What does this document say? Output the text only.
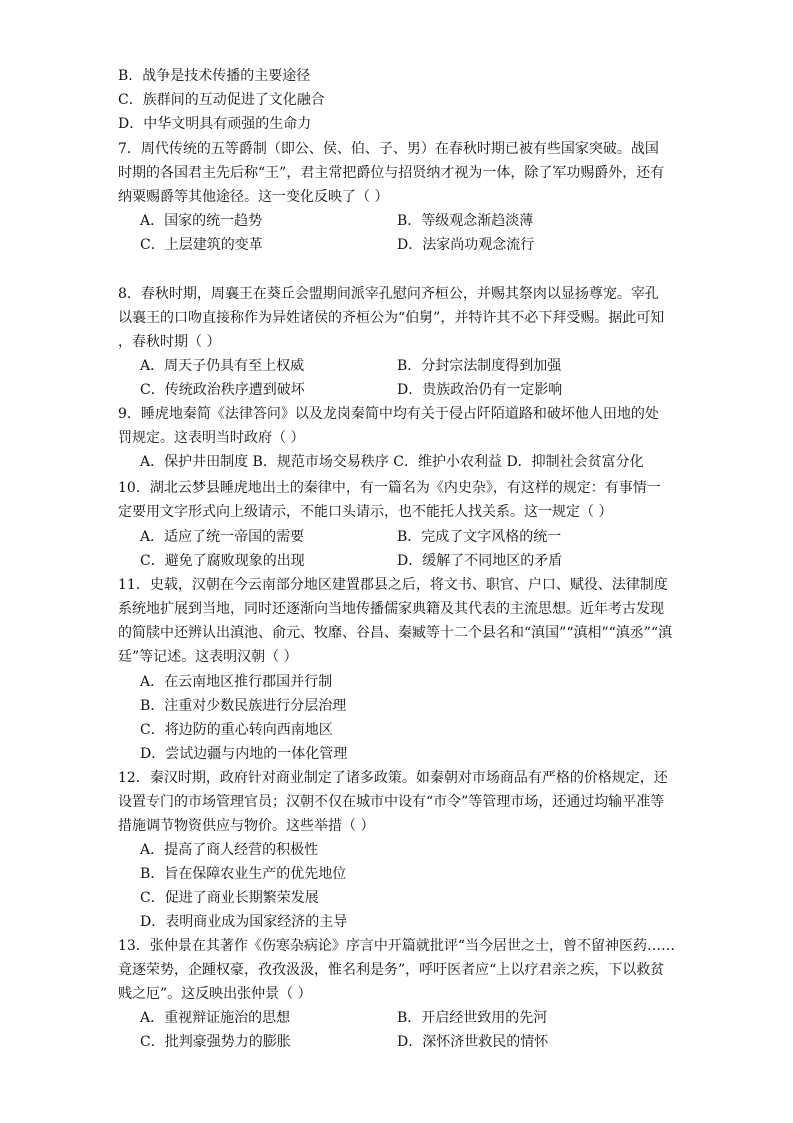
B．战争是技术传播的主要途径
C．族群间的互动促进了文化融合
D．中华文明具有顽强的生命力
7．周代传统的五等爵制（即公、侯、伯、子、男）在春秋时期已被有些国家突破。战国
时期的各国君主先后称“王”，君主常把爵位与招贤纳才视为一体，除了军功赐爵外，还有
纳粟赐爵等其他途径。这一变化反映了（ ）
A．国家的统一趋势	B．等级观念渐趋淡薄
C．上层建筑的变革	D．法家尚功观念流行
8．春秋时期，周襄王在葵丘会盟期间派宰孔慰问齐桓公，并赐其祭肉以显扬尊宠。宰孔
以襄王的口吻直接称作为异姓诸侯的齐桓公为“伯舅”，并特许其不必下拜受赐。据此可知
，春秋时期（ ）
A．周天子仍具有至上权威	B．分封宗法制度得到加强
C．传统政治秩序遭到破坏	D．贵族政治仍有一定影响
9．睡虎地秦简《法律答问》以及龙岗秦简中均有关于侵占阡陌道路和破坏他人田地的处
罚规定。这表明当时政府（ ）
A．保护井田制度 B．规范市场交易秩序 C．维护小农利益 D．抑制社会贫富分化
10．湖北云梦县睡虎地出土的秦律中，有一篇名为《内史杂》，有这样的规定：有事情一
定要用文字形式向上级请示，不能口头请示，也不能托人找关系。这一规定（ ）
A．适应了统一帝国的需要	B．完成了文字风格的统一
C．避免了腐败现象的出现	D．缓解了不同地区的矛盾
11．史载，汉朝在今云南部分地区建置郡县之后，将文书、职官、户口、赋役、法律制度
系统地扩展到当地，同时还逐渐向当地传播儒家典籍及其代表的主流思想。近年考古发现
的简牍中还辨认出滇池、俞元、牧靡、谷昌、秦臧等十二个县名和“滇国”“滇相”“滇丞”“滇
廷”等记述。这表明汉朝（ ）
A．在云南地区推行郡国并行制
B．注重对少数民族进行分层治理
C．将边防的重心转向西南地区
D．尝试边疆与内地的一体化管理
12．秦汉时期，政府针对商业制定了诸多政策。如秦朝对市场商品有严格的价格规定，还
设置专门的市场管理官员；汉朝不仅在城市中设有“市令”等管理市场，还通过均输平准等
措施调节物资供应与物价。这些举措（ ）
A．提高了商人经营的积极性
B．旨在保障农业生产的优先地位
C．促进了商业长期繁荣发展
D．表明商业成为国家经济的主导
13．张仲景在其著作《伤寒杂病论》序言中开篇就批评“当今居世之士，曾不留神医药……
竟逐荣势，企踵权豪，孜孜汲汲，惟名利是务”，呼吁医者应“上以疗君亲之疾，下以救贫
贱之厄”。这反映出张仲景（ ）
A．重视辩证施治的思想	B．开启经世致用的先河
C．批判豪强势力的膨胀	D．深怀济世救民的情怀
